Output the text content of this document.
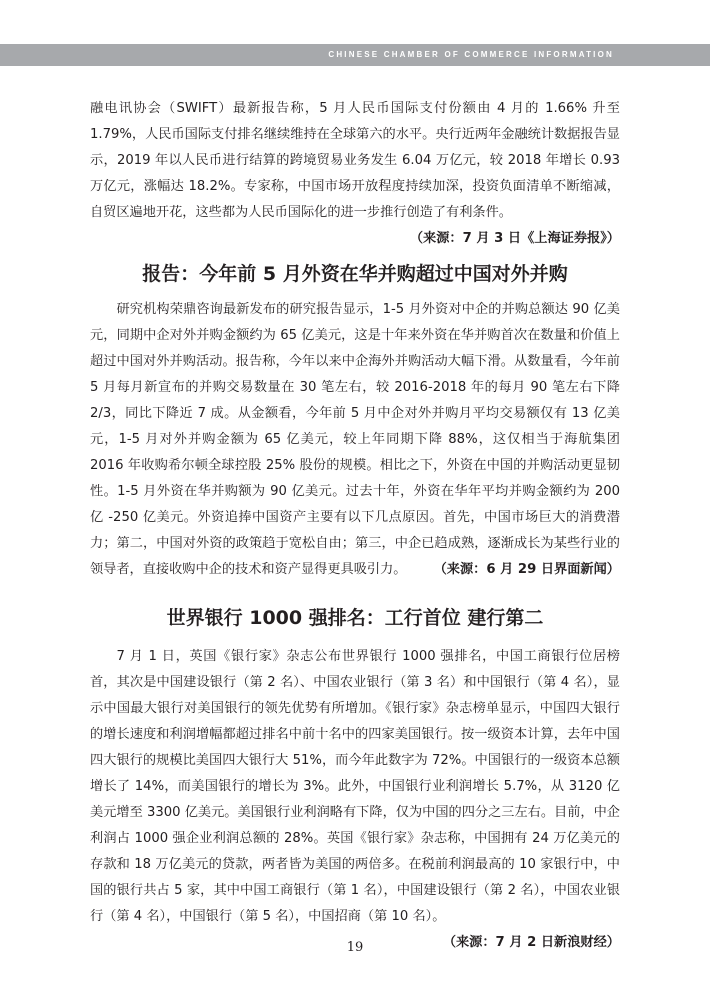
CHINESE CHAMBER OF COMMERCE INFORMATION

融电讯协会（SWIFT）最新报告称，5 月人民币国际支付份额由 4 月的 1.66% 升至 1.79%，人民币国际支付排名继续维持在全球第六的水平。央行近两年金融统计数据报告显示，2019 年以人民币进行结算的跨境贸易业务发生 6.04 万亿元，较 2018 年增长 0.93 万亿元，涨幅达 18.2%。专家称，中国市场开放程度持续加深，投资负面清单不断缩减，自贸区遍地开花，这些都为人民币国际化的进一步推行创造了有利条件。
（来源：7 月 3 日《上海证券报》）

报告：今年前 5 月外资在华并购超过中国对外并购

研究机构荣鼎咨询最新发布的研究报告显示，1-5 月外资对中企的并购总额达 90 亿美元，同期中企对外并购金额约为 65 亿美元，这是十年来外资在华并购首次在数量和价值上超过中国对外并购活动。报告称，今年以来中企海外并购活动大幅下滑。从数量看，今年前 5 月每月新宣布的并购交易数量在 30 笔左右，较 2016-2018 年的每月 90 笔左右下降 2/3，同比下降近 7 成。从金额看，今年前 5 月中企对外并购月平均交易额仅有 13 亿美元，1-5 月对外并购金额为 65 亿美元，较上年同期下降 88%，这仅相当于海航集团 2016 年收购希尔顿全球控股 25% 股份的规模。相比之下，外资在中国的并购活动更显韧性。1-5 月外资在华并购额为 90 亿美元。过去十年，外资在华年平均并购金额约为 200 亿 -250 亿美元。外资追捧中国资产主要有以下几点原因。首先，中国市场巨大的消费潜力；第二，中国对外资的政策趋于宽松自由；第三，中企已趋成熟，逐渐成长为某些行业的领导者，直接收购中企的技术和资产显得更具吸引力。	（来源：6 月 29 日界面新闻）

世界银行 1000 强排名：工行首位 建行第二

7 月 1 日，英国《银行家》杂志公布世界银行 1000 强排名，中国工商银行位居榜首，其次是中国建设银行（第 2 名）、中国农业银行（第 3 名）和中国银行（第 4 名），显示中国最大银行对美国银行的领先优势有所增加。《银行家》杂志榜单显示，中国四大银行的增长速度和利润增幅都超过排名中前十名中的四家美国银行。按一级资本计算，去年中国四大银行的规模比美国四大银行大 51%，而今年此数字为 72%。中国银行的一级资本总额增长了 14%，而美国银行的增长为 3%。此外，中国银行业利润增长 5.7%，从 3120 亿美元增至 3300 亿美元。美国银行业利润略有下降，仅为中国的四分之三左右。目前，中企利润占 1000 强企业利润总额的 28%。英国《银行家》杂志称，中国拥有 24 万亿美元的存款和 18 万亿美元的贷款，两者皆为美国的两倍多。在税前利润最高的 10 家银行中，中国的银行共占 5 家，其中中国工商银行（第 1 名），中国建设银行（第 2 名），中国农业银行（第 4 名），中国银行（第 5 名），中国招商（第 10 名）。
（来源：7 月 2 日新浪财经）

19
